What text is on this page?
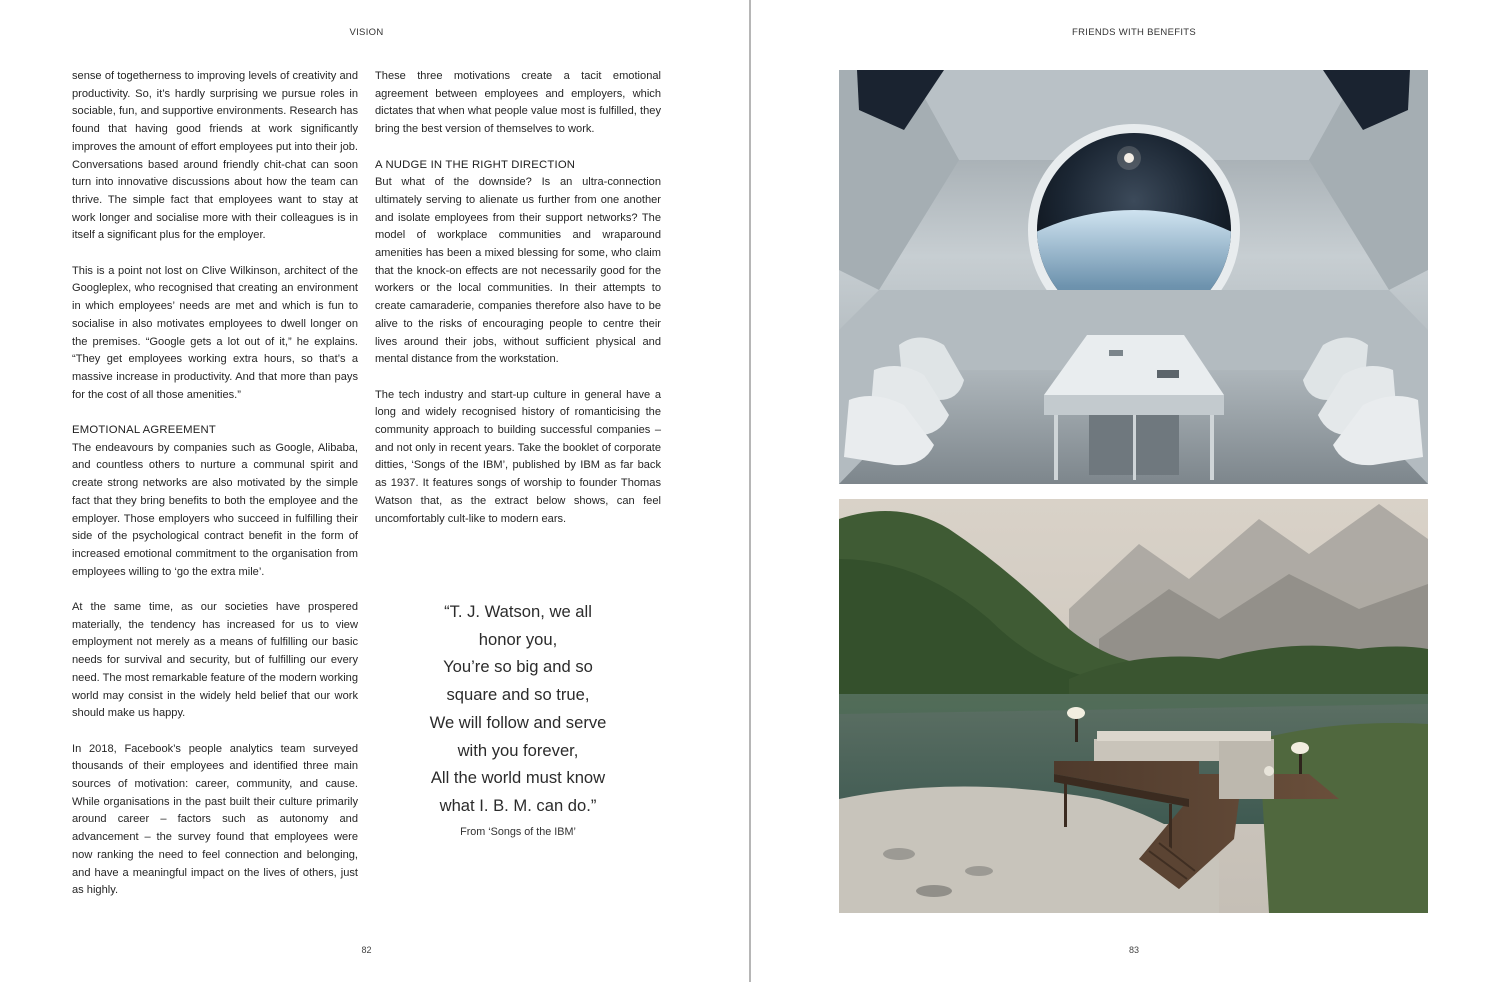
VISION

sense of togetherness to improving levels of creativity and productivity. So, it’s hardly surprising we pursue roles in sociable, fun, and supportive environments. Research has found that having good friends at work significantly improves the amount of effort employees put into their job. Conversations based around friendly chit-chat can soon turn into innovative discussions about how the team can thrive. The simple fact that employees want to stay at work longer and socialise more with their colleagues is in itself a significant plus for the employer.

This is a point not lost on Clive Wilkinson, architect of the Googleplex, who recognised that creating an environment in which employees’ needs are met and which is fun to socialise in also motivates employees to dwell longer on the premises. “Google gets a lot out of it,” he explains. “They get employees working extra hours, so that’s a massive increase in productivity. And that more than pays for the cost of all those amenities.”

EMOTIONAL AGREEMENT

The endeavours by companies such as Google, Alibaba, and countless others to nurture a communal spirit and create strong networks are also motivated by the simple fact that they bring benefits to both the employee and the employer. Those employers who succeed in fulfilling their side of the psychological contract benefit in the form of increased emotional commitment to the organisation from employees willing to ‘go the extra mile’.

At the same time, as our societies have prospered materially, the tendency has increased for us to view employment not merely as a means of fulfilling our basic needs for survival and security, but of fulfilling our every need. The most remarkable feature of the modern working world may consist in the widely held belief that our work should make us happy.

In 2018, Facebook’s people analytics team surveyed thousands of their employees and identified three main sources of motivation: career, community, and cause. While organisations in the past built their culture primarily around career – factors such as autonomy and advancement – the survey found that employees were now ranking the need to feel connection and belonging, and have a meaningful impact on the lives of others, just as highly.

These three motivations create a tacit emotional agreement between employees and employers, which dictates that when what people value most is fulfilled, they bring the best version of themselves to work.

A NUDGE IN THE RIGHT DIRECTION

But what of the downside? Is an ultra-connection ultimately serving to alienate us further from one another and isolate employees from their support networks? The model of workplace communities and wraparound amenities has been a mixed blessing for some, who claim that the knock-on effects are not necessarily good for the workers or the local communities. In their attempts to create camaraderie, companies therefore also have to be alive to the risks of encouraging people to centre their lives around their jobs, without sufficient physical and mental distance from the workstation.

The tech industry and start-up culture in general have a long and widely recognised history of romanticising the community approach to building successful companies – and not only in recent years. Take the booklet of corporate ditties, ‘Songs of the IBM’, published by IBM as far back as 1937. It features songs of worship to founder Thomas Watson that, as the extract below shows, can feel uncomfortably cult-like to modern ears.

“T. J. Watson, we all
honor you,
You’re so big and so
square and so true,
We will follow and serve
with you forever,
All the world must know
what I. B. M. can do.”
From ‘Songs of the IBM’
82
FRIENDS WITH BENEFITS
83
